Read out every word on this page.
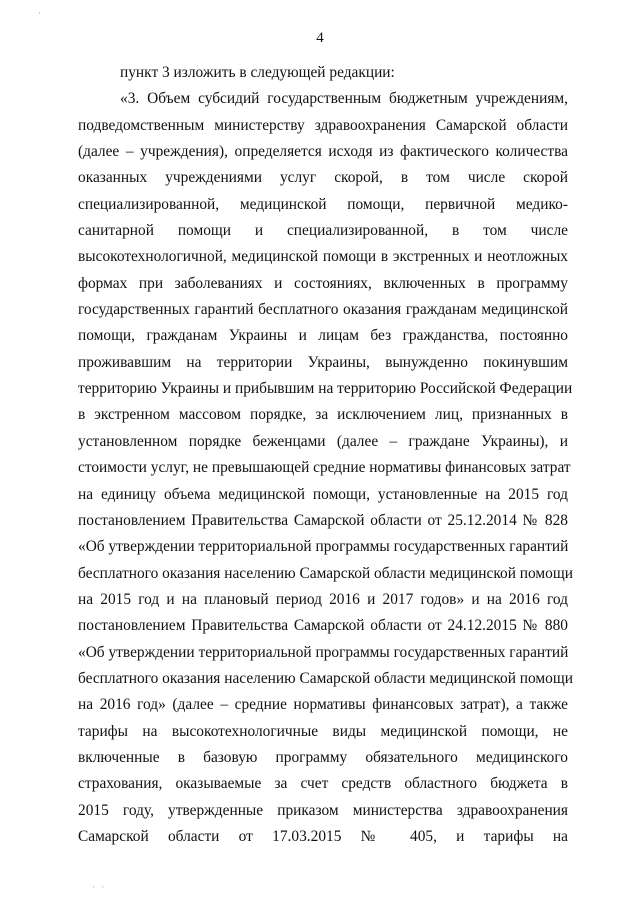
·
4
пункт 3 изложить в следующей редакции:
«3. Объем субсидий государственным бюджетным учреждениям,
подведомственным министерству здравоохранения Самарской области
(далее – учреждения), определяется исходя из фактического количества
оказанных учреждениями услуг скорой, в том числе скорой
специализированной, медицинской помощи, первичной медико-
санитарной помощи и специализированной, в том числе
высокотехнологичной, медицинской помощи в экстренных и неотложных
формах при заболеваниях и состояниях, включенных в программу
государственных гарантий бесплатного оказания гражданам медицинской
помощи, гражданам Украины и лицам без гражданства, постоянно
проживавшим на территории Украины, вынужденно покинувшим
территорию Украины и прибывшим на территорию Российской Федерации
в экстренном массовом порядке, за исключением лиц, признанных в
установленном порядке беженцами (далее – граждане Украины), и
стоимости услуг, не превышающей средние нормативы финансовых затрат
на единицу объема медицинской помощи, установленные на 2015 год
постановлением Правительства Самарской области от 25.12.2014 № 828
«Об утверждении территориальной программы государственных гарантий
бесплатного оказания населению Самарской области медицинской помощи
на 2015 год и на плановый период 2016 и 2017 годов» и на 2016 год
постановлением Правительства Самарской области от 24.12.2015 № 880
«Об утверждении территориальной программы государственных гарантий
бесплатного оказания населению Самарской области медицинской помощи
на 2016 год» (далее – средние нормативы финансовых затрат), а также
тарифы на высокотехнологичные виды медицинской помощи, не
включенные в базовую программу обязательного медицинского
страхования, оказываемые за счет средств областного бюджета в
2015 году, утвержденные приказом министерства здравоохранения
Самарской области от 17.03.2015 № 405, и тарифы на
· ·
